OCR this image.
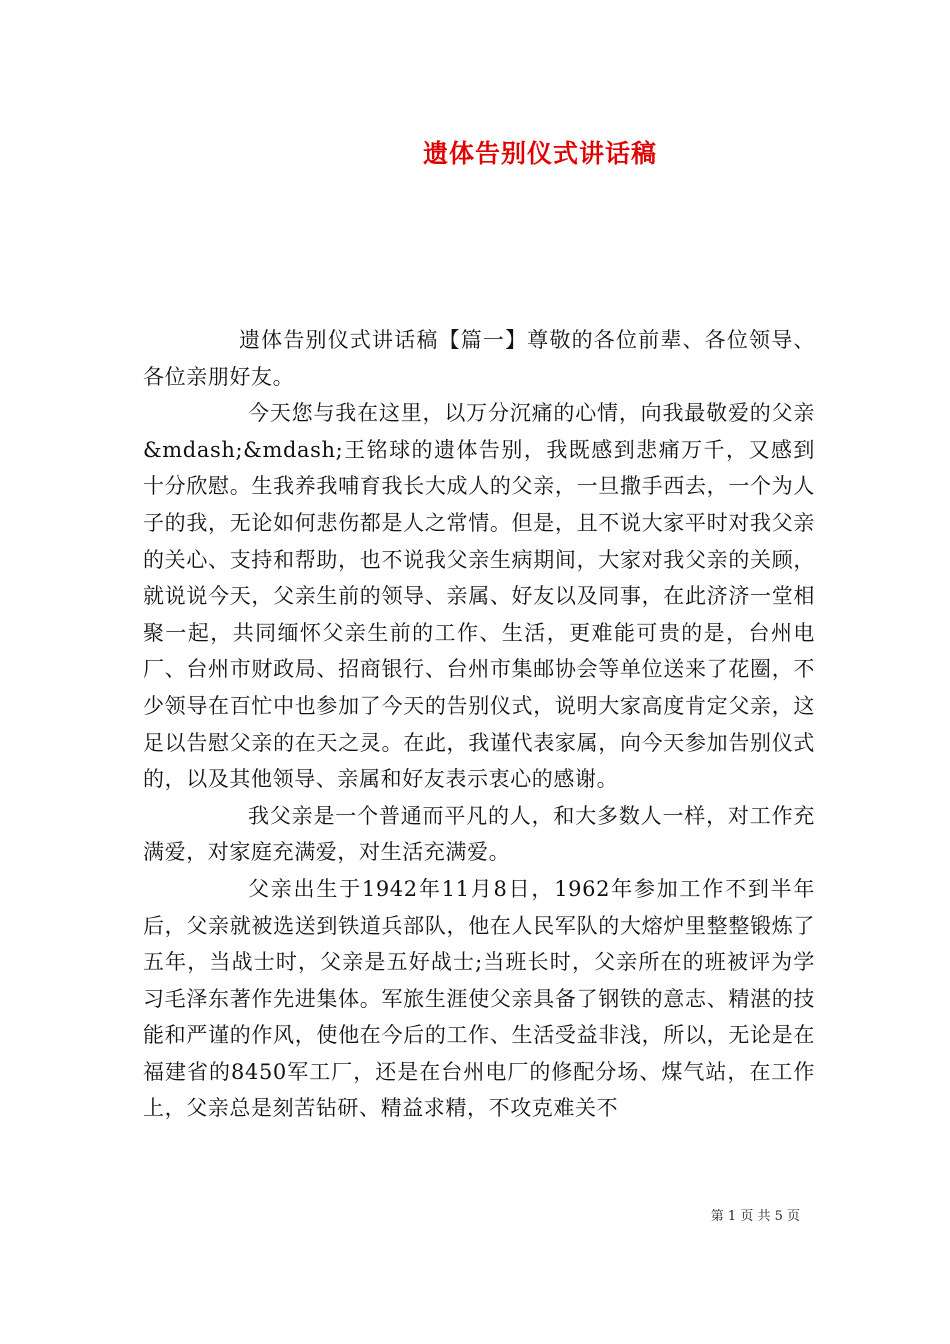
遗体告别仪式讲话稿

遗体告别仪式讲话稿【篇一】尊敬的各位前辈、各位领导、各位亲朋好友。

今天您与我在这里，以万分沉痛的心情，向我最敬爱的父亲&mdash;&mdash;王铭球的遗体告别，我既感到悲痛万千，又感到十分欣慰。生我养我哺育我长大成人的父亲，一旦撒手西去，一个为人子的我，无论如何悲伤都是人之常情。但是，且不说大家平时对我父亲的关心、支持和帮助，也不说我父亲生病期间，大家对我父亲的关顾，就说说今天，父亲生前的领导、亲属、好友以及同事，在此济济一堂相聚一起，共同缅怀父亲生前的工作、生活，更难能可贵的是，台州电厂、台州市财政局、招商银行、台州市集邮协会等单位送来了花圈，不少领导在百忙中也参加了今天的告别仪式，说明大家高度肯定父亲，这足以告慰父亲的在天之灵。在此，我谨代表家属，向今天参加告别仪式的，以及其他领导、亲属和好友表示衷心的感谢。

我父亲是一个普通而平凡的人，和大多数人一样，对工作充满爱，对家庭充满爱，对生活充满爱。

父亲出生于1942年11月8日，1962年参加工作不到半年后，父亲就被选送到铁道兵部队，他在人民军队的大熔炉里整整锻炼了五年，当战士时，父亲是五好战士;当班长时，父亲所在的班被评为学习毛泽东著作先进集体。军旅生涯使父亲具备了钢铁的意志、精湛的技能和严谨的作风，使他在今后的工作、生活受益非浅，所以，无论是在福建省的8450军工厂，还是在台州电厂的修配分场、煤气站，在工作上，父亲总是刻苦钻研、精益求精，不攻克难关不

第 1 页 共 5 页
